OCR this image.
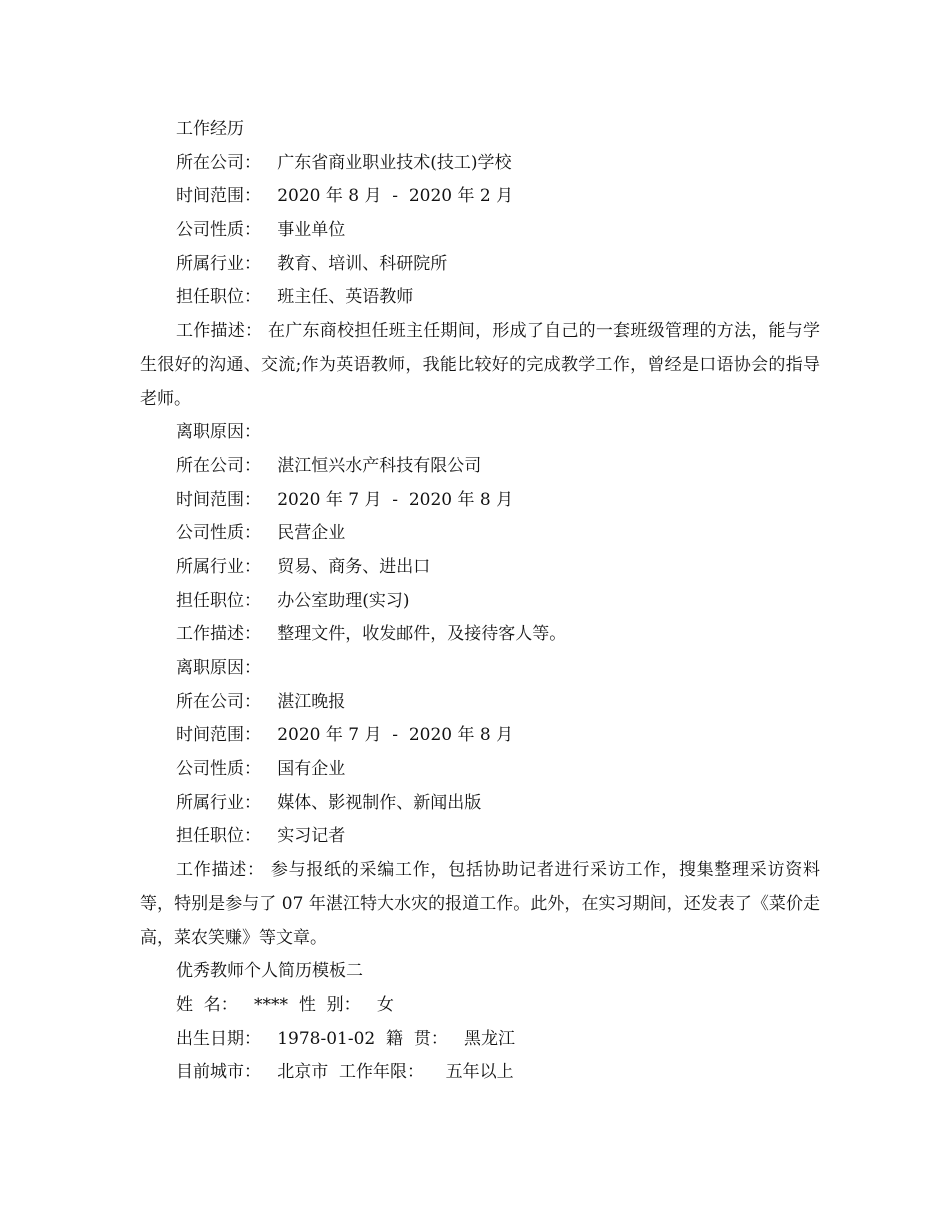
工作经历
所在公司：   广东省商业职业技术(技工)学校
时间范围：   2020 年 8 月  -  2020 年 2 月
公司性质：   事业单位
所属行业：   教育、培训、科研院所
担任职位：   班主任、英语教师

工作描述： 在广东商校担任班主任期间，形成了自己的一套班级管理的方法，能与学生很好的沟通、交流;作为英语教师，我能比较好的完成教学工作，曾经是口语协会的指导老师。

离职原因：
所在公司：   湛江恒兴水产科技有限公司
时间范围：   2020 年 7 月  -  2020 年 8 月
公司性质：   民营企业
所属行业：   贸易、商务、进出口
担任职位：   办公室助理(实习)
工作描述：   整理文件，收发邮件，及接待客人等。
离职原因：
所在公司：   湛江晚报
时间范围：   2020 年 7 月  -  2020 年 8 月
公司性质：   国有企业
所属行业：   媒体、影视制作、新闻出版
担任职位：   实习记者

工作描述： 参与报纸的采编工作，包括协助记者进行采访工作，搜集整理采访资料等，特别是参与了 07 年湛江特大水灾的报道工作。此外，在实习期间，还发表了《菜价走高，菜农笑赚》等文章。

优秀教师个人简历模板二
姓  名：   ****  性  别：   女
出生日期：   1978-01-02  籍  贯：   黑龙江
目前城市：   北京市  工作年限：    五年以上
